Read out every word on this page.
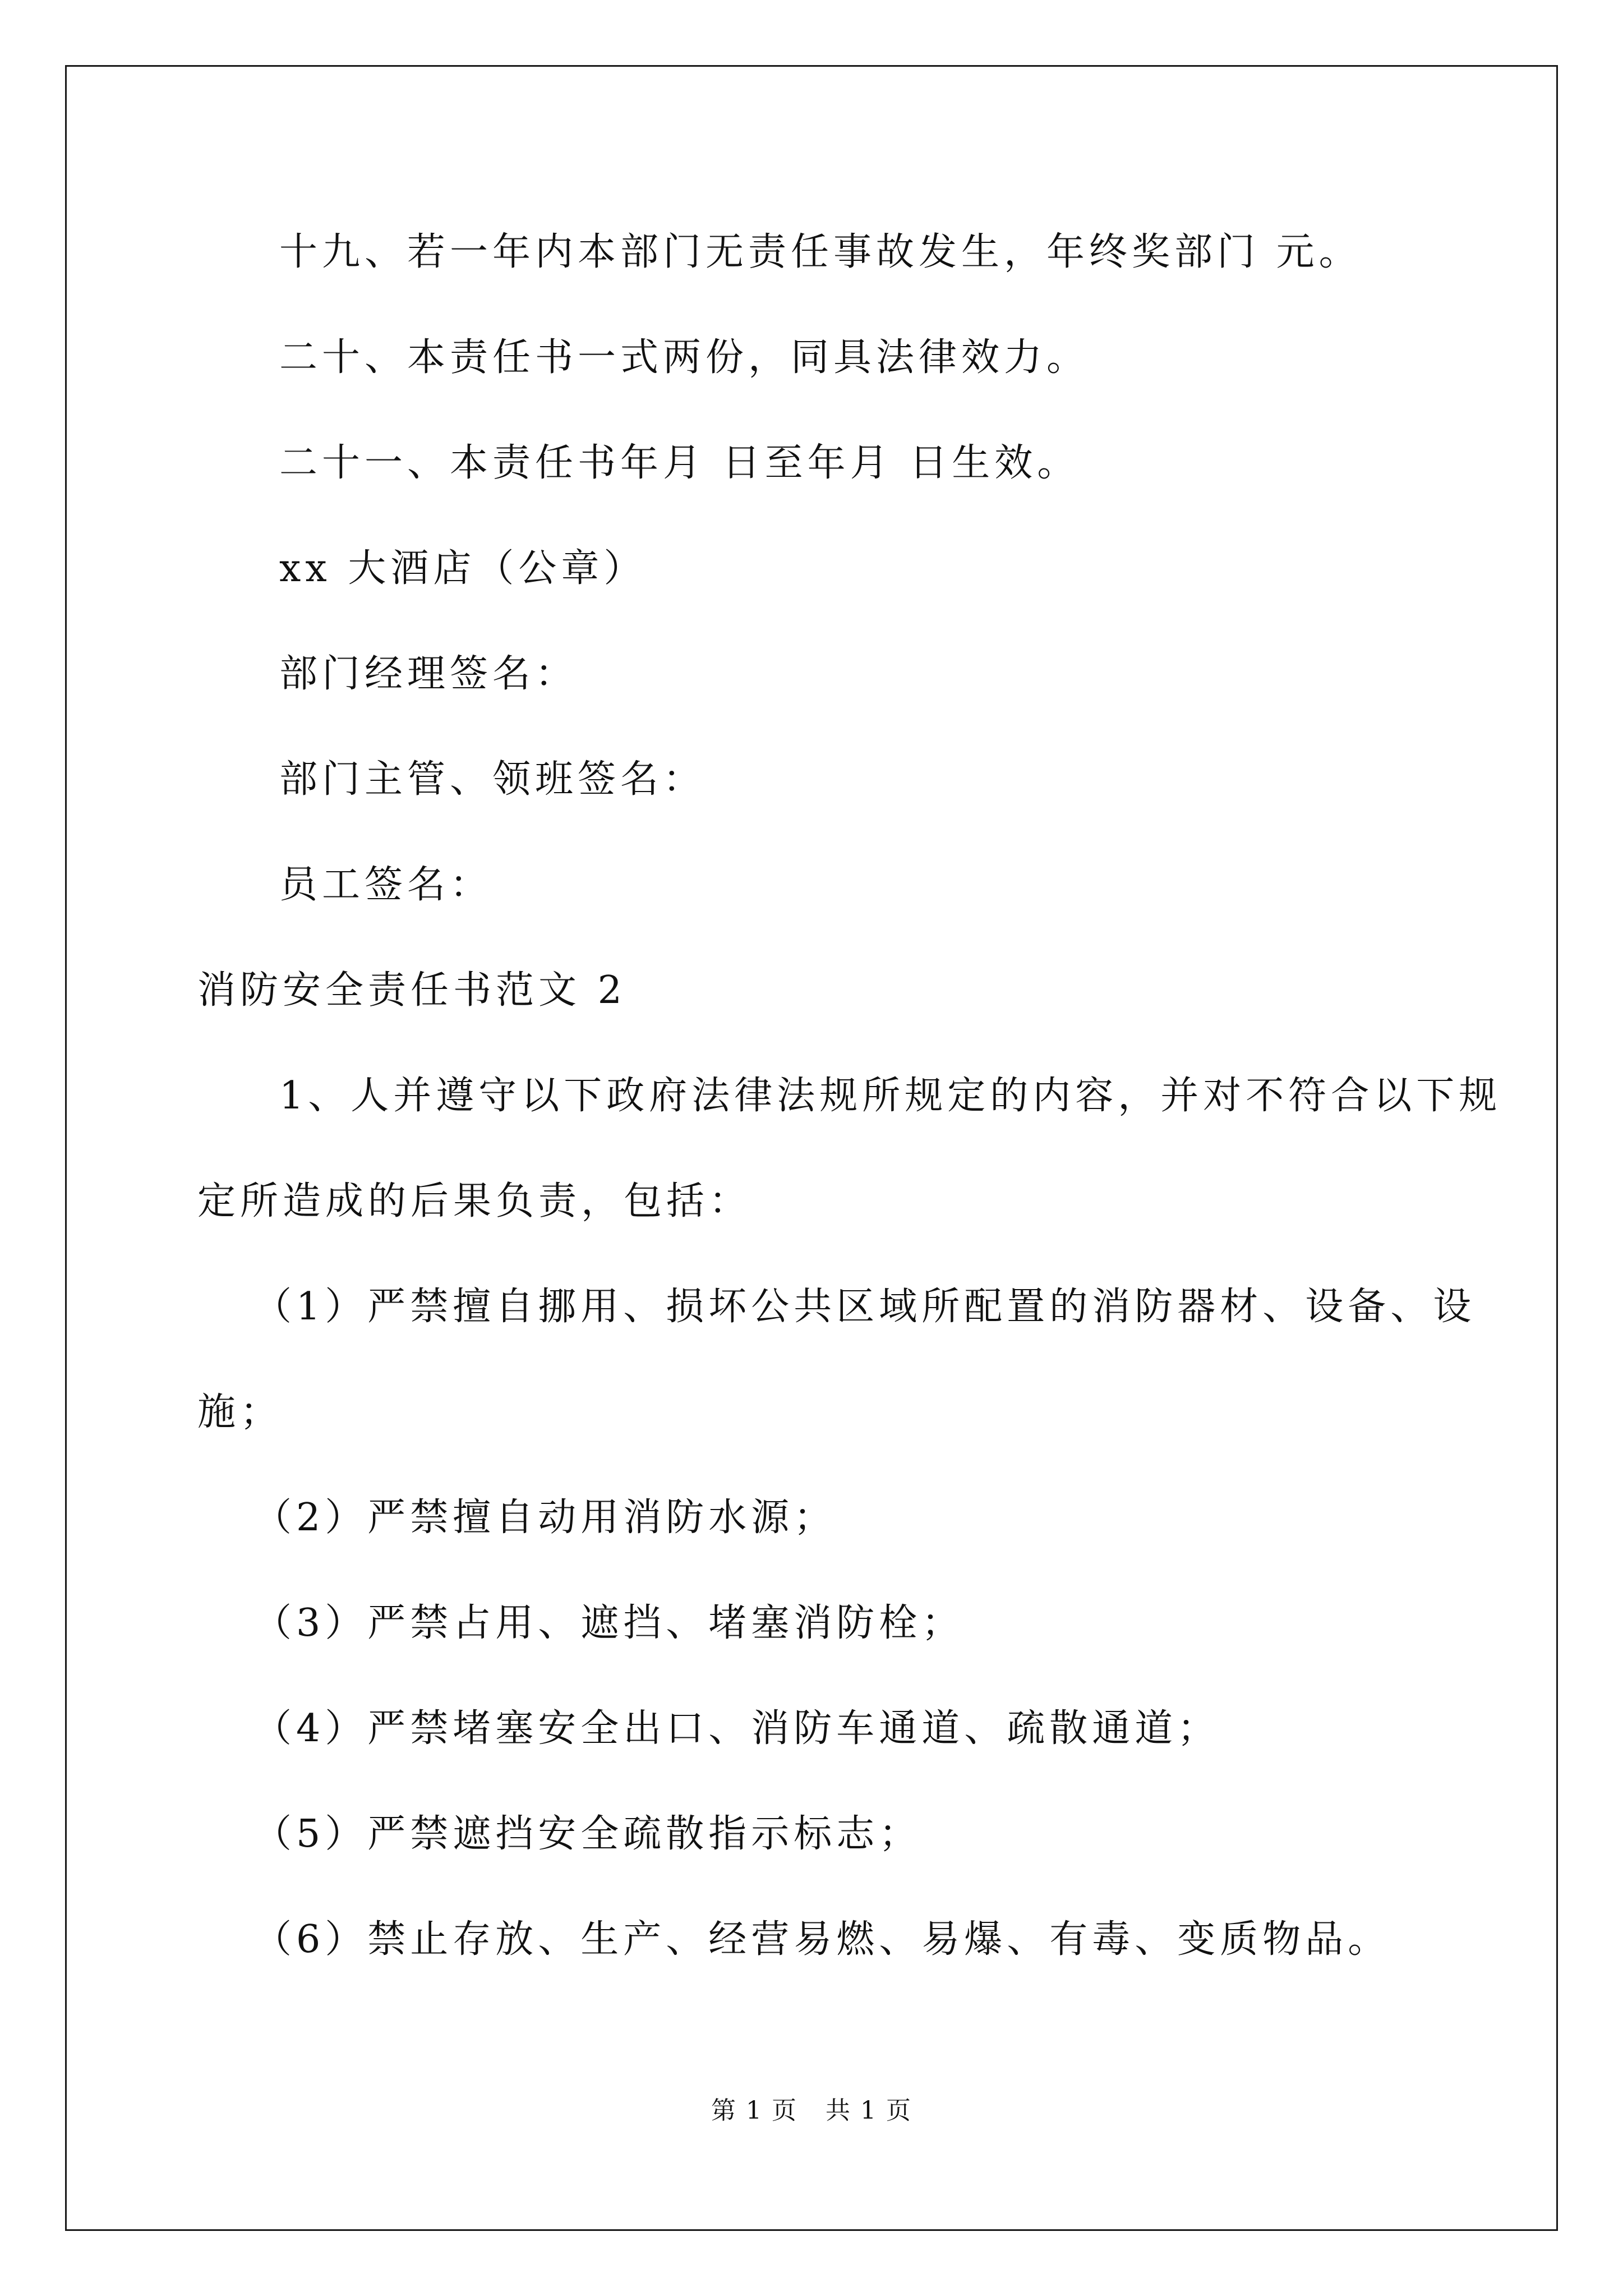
十九、若一年内本部门无责任事故发生，年终奖部门 元。
二十、本责任书一式两份，同具法律效力。
二十一、本责任书年月 日至年月 日生效。
xx 大酒店（公章）
部门经理签名：
部门主管、领班签名：
员工签名：
消防安全责任书范文 2
1、人并遵守以下政府法律法规所规定的内容，并对不符合以下规
定所造成的后果负责，包括：
（1）严禁擅自挪用、损坏公共区域所配置的消防器材、设备、设
施；
（2）严禁擅自动用消防水源；
（3）严禁占用、遮挡、堵塞消防栓；
（4）严禁堵塞安全出口、消防车通道、疏散通道；
（5）严禁遮挡安全疏散指示标志；
（6）禁止存放、生产、经营易燃、易爆、有毒、变质物品。
第 1 页 共 1 页
